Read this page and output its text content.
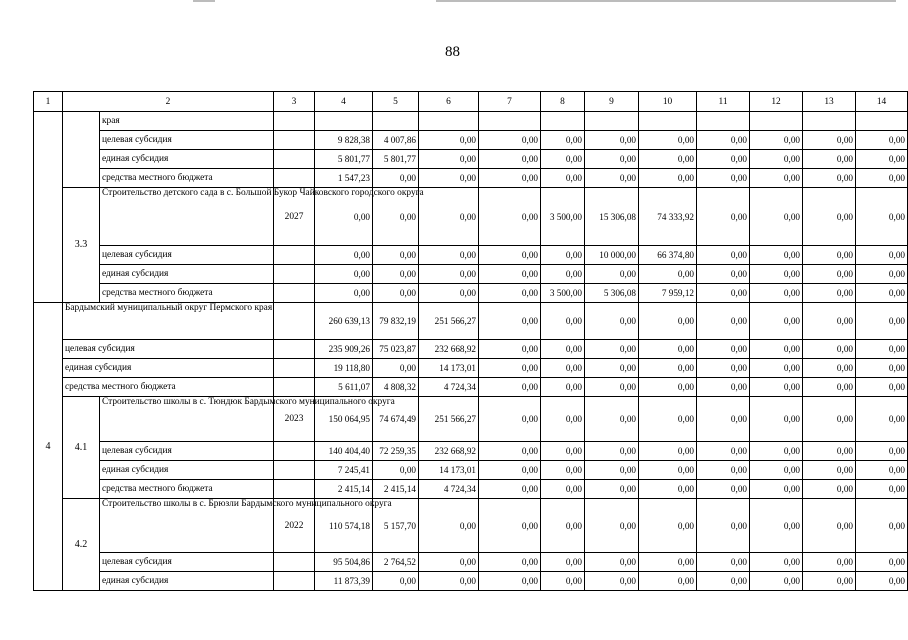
88
1	2		3	4	5	6	7	8	9	10	11	12	13	14
		края												
		целевая субсидия		9 828,38	4 007,86	0,00	0,00	0,00	0,00	0,00	0,00	0,00	0,00	0,00
		единая субсидия		5 801,77	5 801,77	0,00	0,00	0,00	0,00	0,00	0,00	0,00	0,00	0,00
		средства местного бюджета		1 547,23	0,00	0,00	0,00	0,00	0,00	0,00	0,00	0,00	0,00	0,00
	3.3	Строительство детского сада в с. Большой Букор Чайковского городского округа	2027	0,00	0,00	0,00	0,00	3 500,00	15 306,08	74 333,92	0,00	0,00	0,00	0,00
		целевая субсидия		0,00	0,00	0,00	0,00	0,00	10 000,00	66 374,80	0,00	0,00	0,00	0,00
		единая субсидия		0,00	0,00	0,00	0,00	0,00	0,00	0,00	0,00	0,00	0,00	0,00
		средства местного бюджета		0,00	0,00	0,00	0,00	3 500,00	5 306,08	7 959,12	0,00	0,00	0,00	0,00
4	Бардымский муниципальный округ Пермского края			260 639,13	79 832,19	251 566,27	0,00	0,00	0,00	0,00	0,00	0,00	0,00	0,00
	целевая субсидия			235 909,26	75 023,87	232 668,92	0,00	0,00	0,00	0,00	0,00	0,00	0,00	0,00
	единая субсидия			19 118,80	0,00	14 173,01	0,00	0,00	0,00	0,00	0,00	0,00	0,00	0,00
	средства местного бюджета			5 611,07	4 808,32	4 724,34	0,00	0,00	0,00	0,00	0,00	0,00	0,00	0,00
	4.1	Строительство школы в с. Тюндюк Бардымского муниципального округа	2023	150 064,95	74 674,49	251 566,27	0,00	0,00	0,00	0,00	0,00	0,00	0,00	0,00
		целевая субсидия		140 404,40	72 259,35	232 668,92	0,00	0,00	0,00	0,00	0,00	0,00	0,00	0,00
		единая субсидия		7 245,41	0,00	14 173,01	0,00	0,00	0,00	0,00	0,00	0,00	0,00	0,00
		средства местного бюджета		2 415,14	2 415,14	4 724,34	0,00	0,00	0,00	0,00	0,00	0,00	0,00	0,00
	4.2	Строительство школы в с. Брюзли Бардымского муниципального округа	2022	110 574,18	5 157,70	0,00	0,00	0,00	0,00	0,00	0,00	0,00	0,00	0,00
		целевая субсидия		95 504,86	2 764,52	0,00	0,00	0,00	0,00	0,00	0,00	0,00	0,00	0,00
		единая субсидия		11 873,39	0,00	0,00	0,00	0,00	0,00	0,00	0,00	0,00	0,00	0,00
